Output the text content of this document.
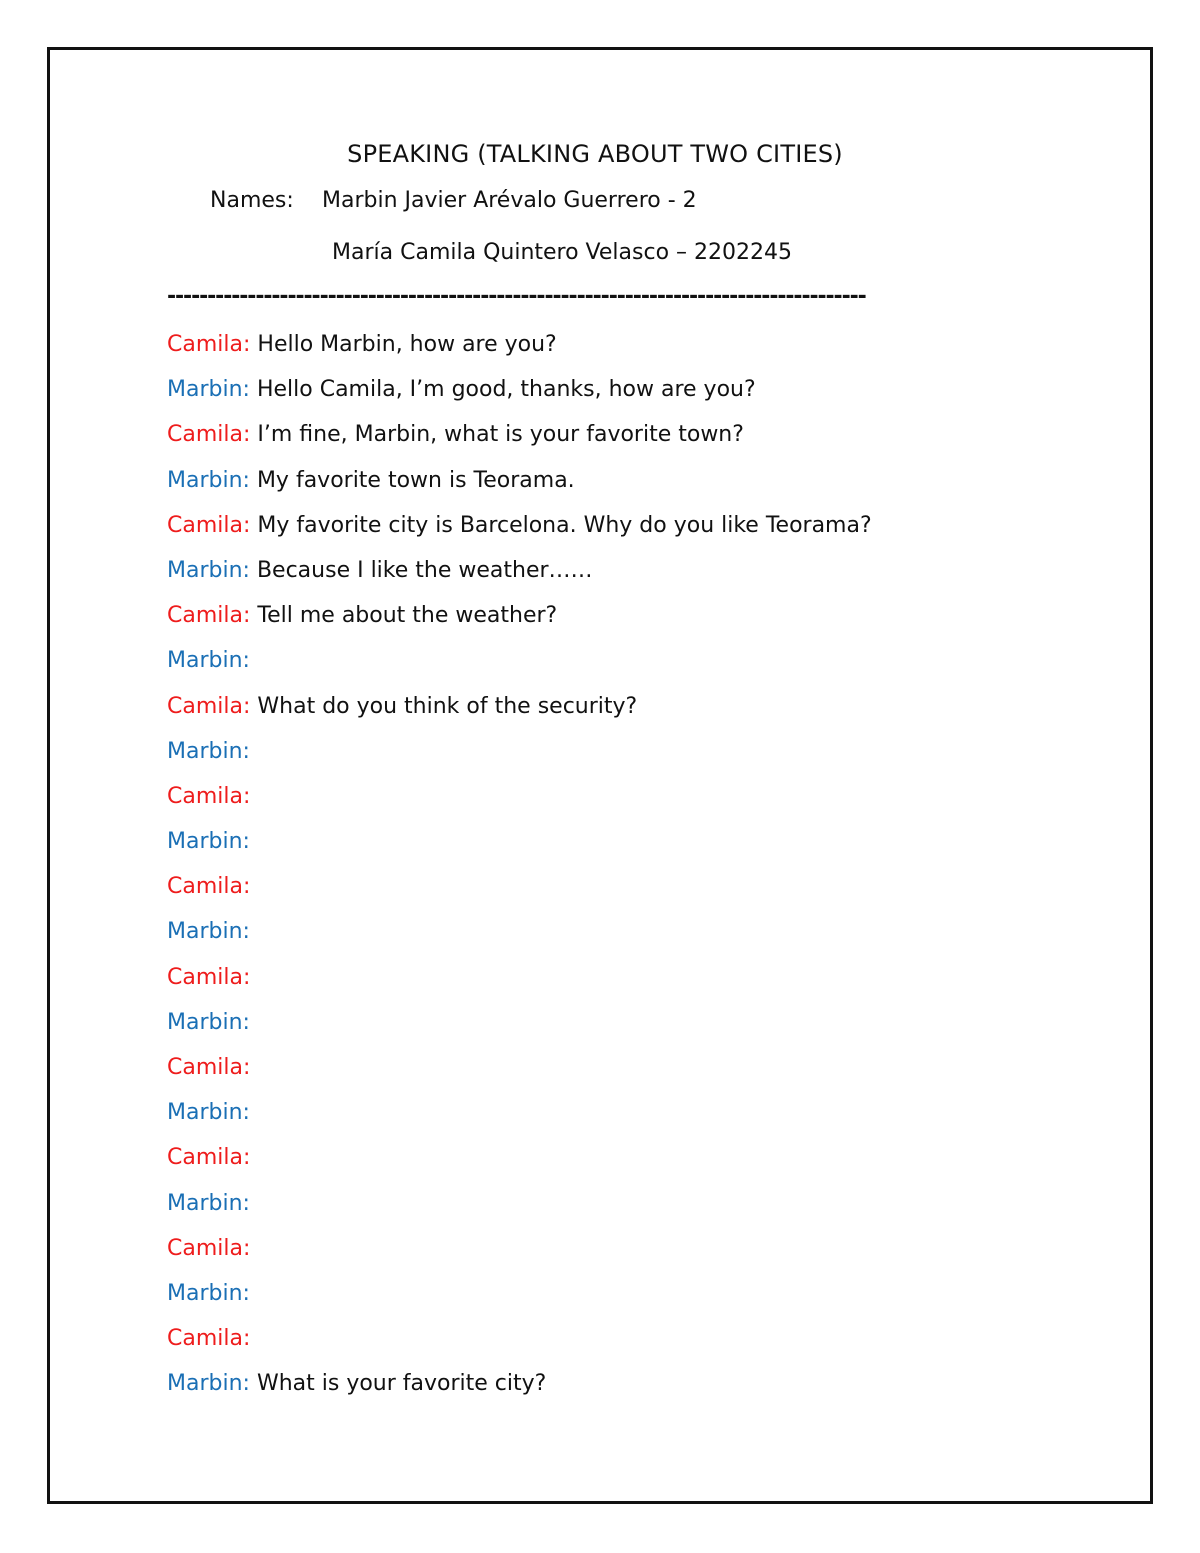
SPEAKING (TALKING ABOUT TWO CITIES)
Names: Marbin Javier Arévalo Guerrero - 2
María Camila Quintero Velasco – 2202245
---------------------------------------------------------------------------------------
Camila: Hello Marbin, how are you?
Marbin: Hello Camila, I’m good, thanks, how are you?
Camila: I’m fine, Marbin, what is your favorite town?
Marbin: My favorite town is Teorama.
Camila: My favorite city is Barcelona. Why do you like Teorama?
Marbin: Because I like the weather……
Camila: Tell me about the weather?
Marbin:
Camila: What do you think of the security?
Marbin:
Camila:
Marbin:
Camila:
Marbin:
Camila:
Marbin:
Camila:
Marbin:
Camila:
Marbin:
Camila:
Marbin:
Camila:
Marbin: What is your favorite city?
